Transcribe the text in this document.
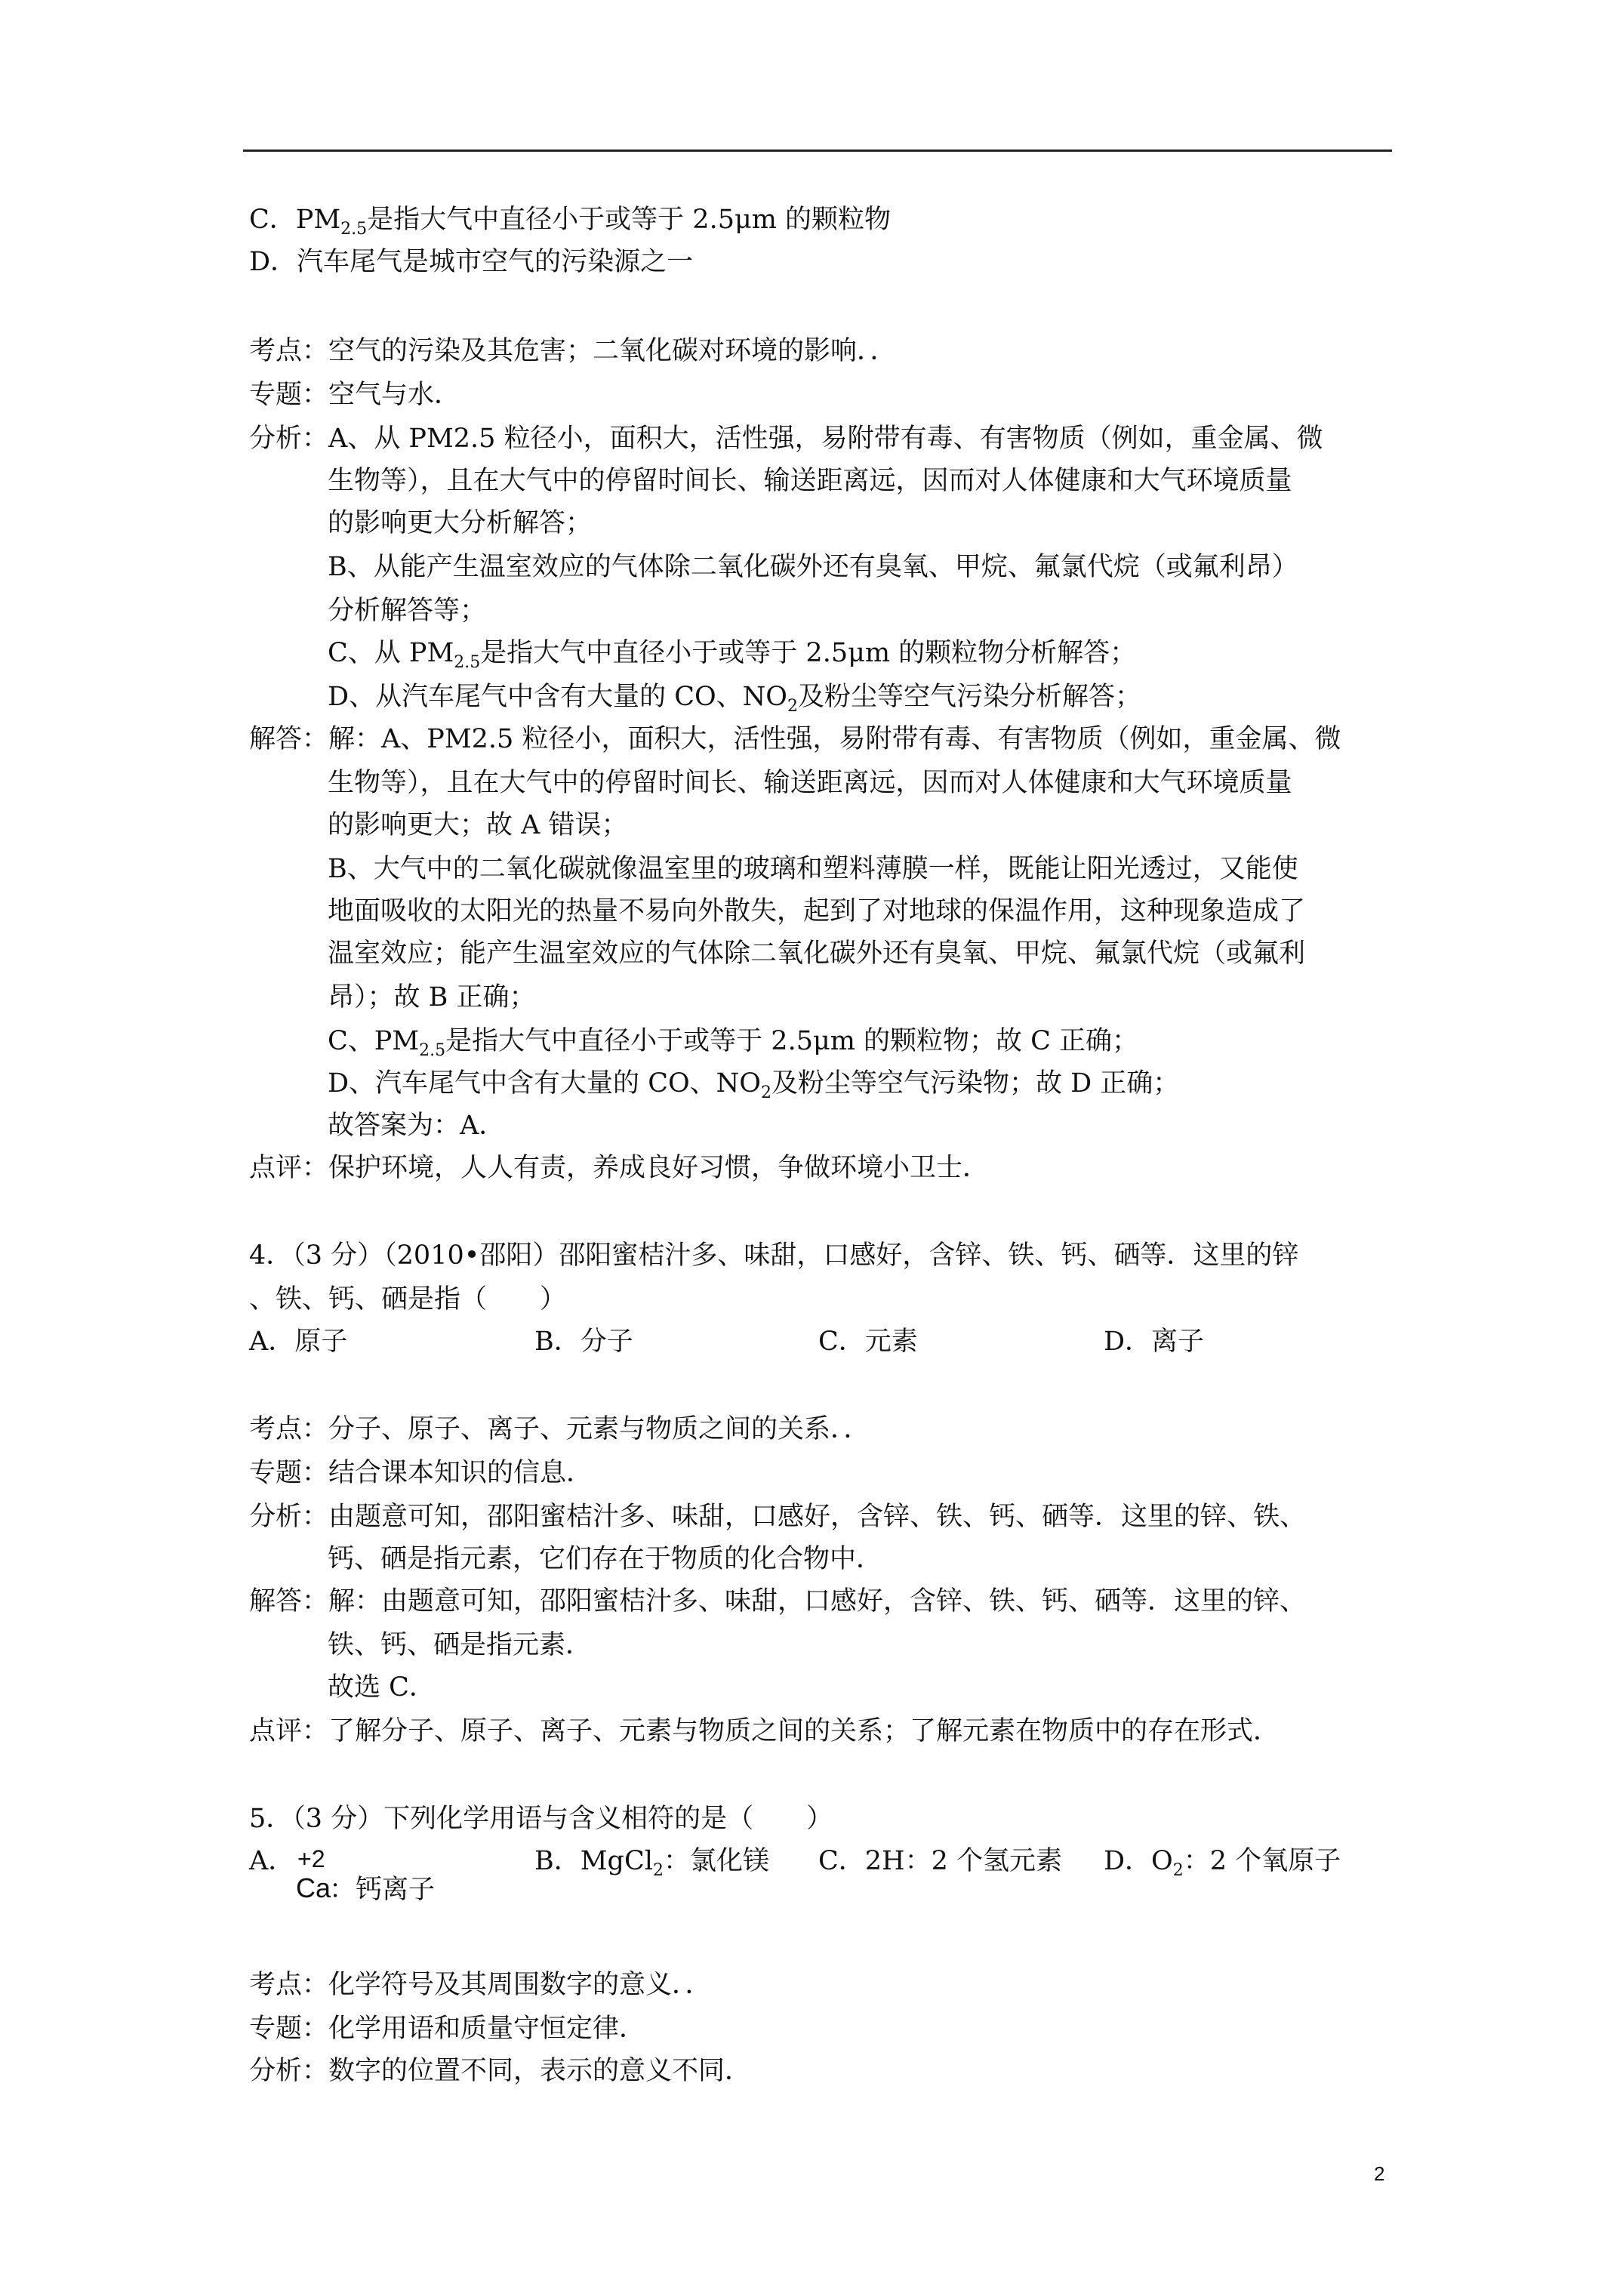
C．$PM_{2.5}$是指大气中直径小于或等于 2.5μm 的颗粒物
D．汽车尾气是城市空气的污染源之一
考点：空气的污染及其危害；二氧化碳对环境的影响．．
专题：空气与水．
分析：A、从 PM2.5 粒径小，面积大，活性强，易附带有毒、有害物质（例如，重金属、微
生物等），且在大气中的停留时间长、输送距离远，因而对人体健康和大气环境质量
的影响更大分析解答；
B、从能产生温室效应的气体除二氧化碳外还有臭氧、甲烷、氟氯代烷（或氟利昂）
分析解答等；
C、从 $PM_{2.5}$是指大气中直径小于或等于 2.5μm 的颗粒物分析解答；
D、从汽车尾气中含有大量的 CO、$NO_2$及粉尘等空气污染分析解答；
解答：解：A、PM2.5 粒径小，面积大，活性强，易附带有毒、有害物质（例如，重金属、微
生物等），且在大气中的停留时间长、输送距离远，因而对人体健康和大气环境质量
的影响更大；故 A 错误；
B、大气中的二氧化碳就像温室里的玻璃和塑料薄膜一样，既能让阳光透过，又能使
地面吸收的太阳光的热量不易向外散失，起到了对地球的保温作用，这种现象造成了
温室效应；能产生温室效应的气体除二氧化碳外还有臭氧、甲烷、氟氯代烷（或氟利
昂）；故 B 正确；
C、$PM_{2.5}$是指大气中直径小于或等于 2.5μm 的颗粒物；故 C 正确；
D、汽车尾气中含有大量的 CO、$NO_2$及粉尘等空气污染物；故 D 正确；
故答案为：A．
点评：保护环境，人人有责，养成良好习惯，争做环境小卫士．
4．（3 分）（2010•邵阳）邵阳蜜桔汁多、味甜，口感好，含锌、铁、钙、硒等．这里的锌
、铁、钙、硒是指（　　）
A．原子	B．分子	C．元素	D．离子
考点：分子、原子、离子、元素与物质之间的关系．．
专题：结合课本知识的信息．
分析：由题意可知，邵阳蜜桔汁多、味甜，口感好，含锌、铁、钙、硒等．这里的锌、铁、
钙、硒是指元素，它们存在于物质的化合物中．
解答：解：由题意可知，邵阳蜜桔汁多、味甜，口感好，含锌、铁、钙、硒等．这里的锌、
铁、钙、硒是指元素．
故选 C．
点评：了解分子、原子、离子、元素与物质之间的关系；了解元素在物质中的存在形式．
5．（3 分）下列化学用语与含义相符的是（　　）
A． +2
Ca
：钙离子
B．MgCl$_2$：氯化镁 C．2H：2 个氢元素 D．$O_2$：2 个氧原子
考点：化学符号及其周围数字的意义．．
专题：化学用语和质量守恒定律．
分析：数字的位置不同，表示的意义不同．
2
